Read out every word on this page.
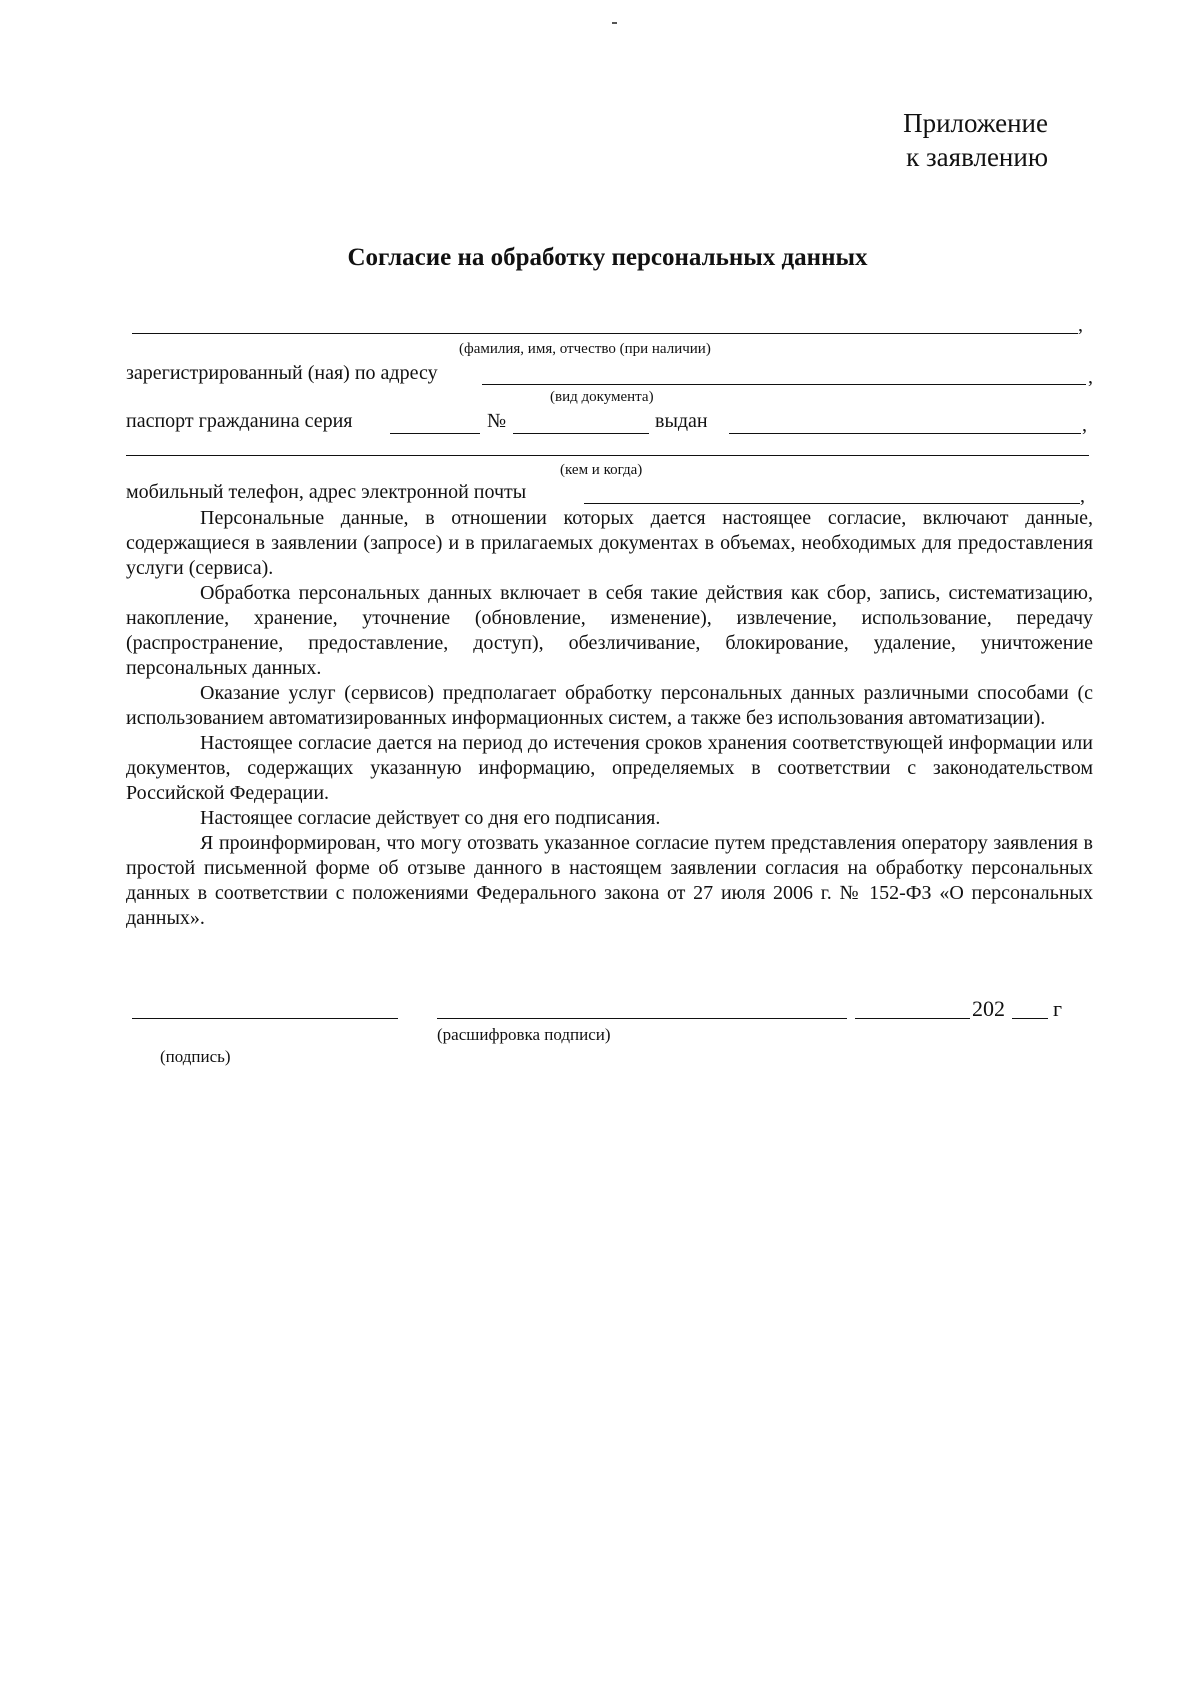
Приложение
к заявлению
Согласие на обработку персональных данных
,
(фамилия, имя, отчество (при наличии)
зарегистрированный (ная) по адресу	,
(вид документа)
паспорт гражданина серия	№	выдан	,
(кем и когда)
мобильный телефон, адрес электронной почты	,

Персональные данные, в отношении которых дается настоящее согласие, включают данные, содержащиеся в заявлении (запросе) и в прилагаемых документах в объемах, необходимых для предоставления услуги (сервиса).

Обработка персональных данных включает в себя такие действия как сбор, запись, систематизацию, накопление, хранение, уточнение (обновление, изменение), извлечение, использование, передачу (распространение, предоставление, доступ), обезличивание, блокирование, удаление, уничтожение персональных данных.

Оказание услуг (сервисов) предполагает обработку персональных данных различными способами (с использованием автоматизированных информационных систем, а также без использования автоматизации).

Настоящее согласие дается на период до истечения сроков хранения соответствующей информации или документов, содержащих указанную информацию, определяемых в соответствии с законодательством Российской Федерации.

Настоящее согласие действует со дня его подписания.

Я проинформирован, что могу отозвать указанное согласие путем представления оператору заявления в простой письменной форме об отзыве данного в настоящем заявлении согласия на обработку персональных данных в соответствии с положениями Федерального закона от 27 июля 2006 г. № 152-ФЗ «О персональных данных».

202 г
(расшифровка подписи)
(подпись)
